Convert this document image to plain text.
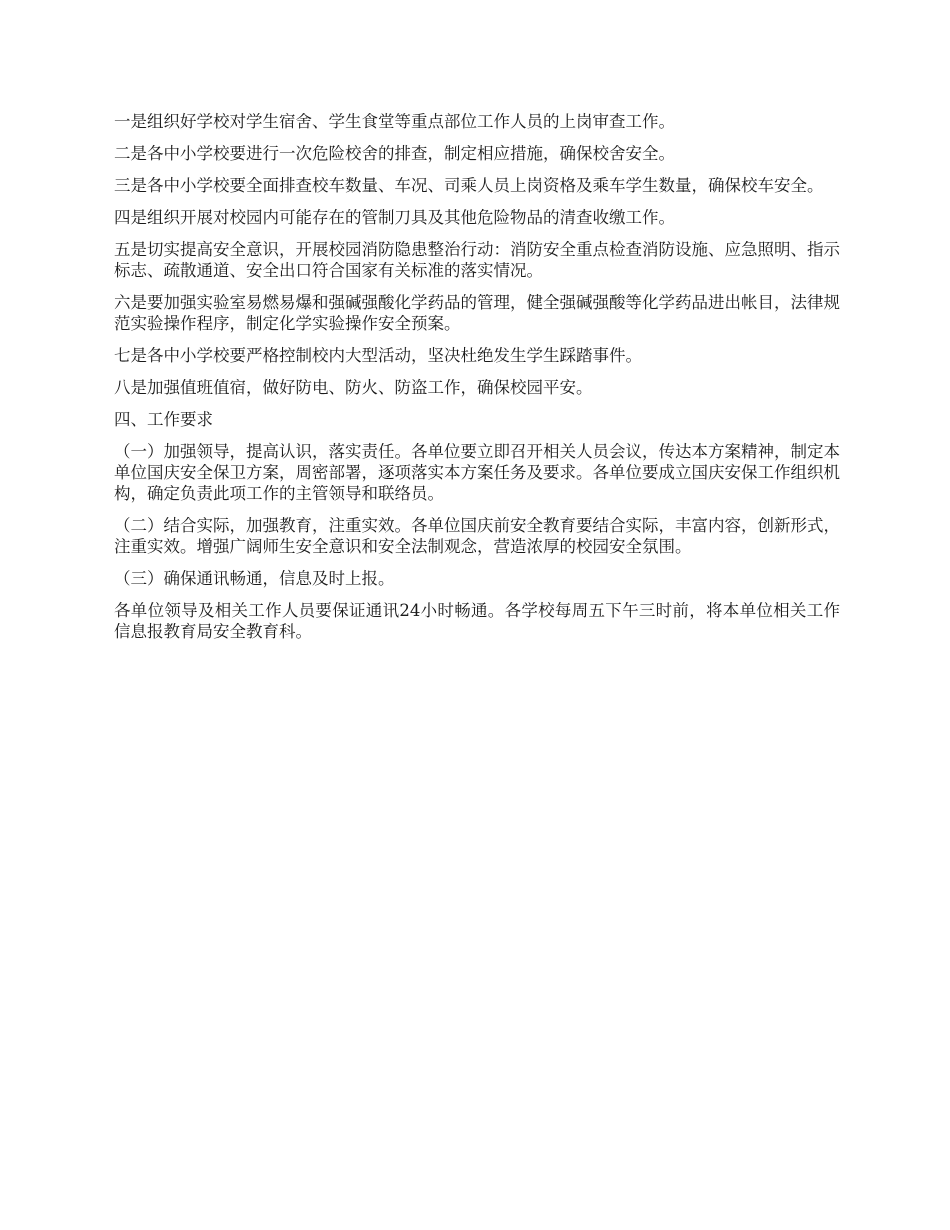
一是组织好学校对学生宿舍、学生食堂等重点部位工作人员的上岗审查工作。

二是各中小学校要进行一次危险校舍的排查，制定相应措施，确保校舍安全。

三是各中小学校要全面排查校车数量、车况、司乘人员上岗资格及乘车学生数量，确保校车安全。

四是组织开展对校园内可能存在的管制刀具及其他危险物品的清查收缴工作。

五是切实提高安全意识，开展校园消防隐患整治行动：消防安全重点检查消防设施、应急照明、指示标志、疏散通道、安全出口符合国家有关标准的落实情况。

六是要加强实验室易燃易爆和强碱强酸化学药品的管理，健全强碱强酸等化学药品进出帐目，法律规范实验操作程序，制定化学实验操作安全预案。

七是各中小学校要严格控制校内大型活动，坚决杜绝发生学生踩踏事件。

八是加强值班值宿，做好防电、防火、防盗工作，确保校园平安。

四、工作要求

（一）加强领导，提高认识，落实责任。各单位要立即召开相关人员会议，传达本方案精神，制定本单位国庆安全保卫方案，周密部署，逐项落实本方案任务及要求。各单位要成立国庆安保工作组织机构，确定负责此项工作的主管领导和联络员。

（二）结合实际，加强教育，注重实效。各单位国庆前安全教育要结合实际，丰富内容，创新形式，注重实效。增强广阔师生安全意识和安全法制观念，营造浓厚的校园安全氛围。

（三）确保通讯畅通，信息及时上报。

各单位领导及相关工作人员要保证通讯24小时畅通。各学校每周五下午三时前，将本单位相关工作信息报教育局安全教育科。
